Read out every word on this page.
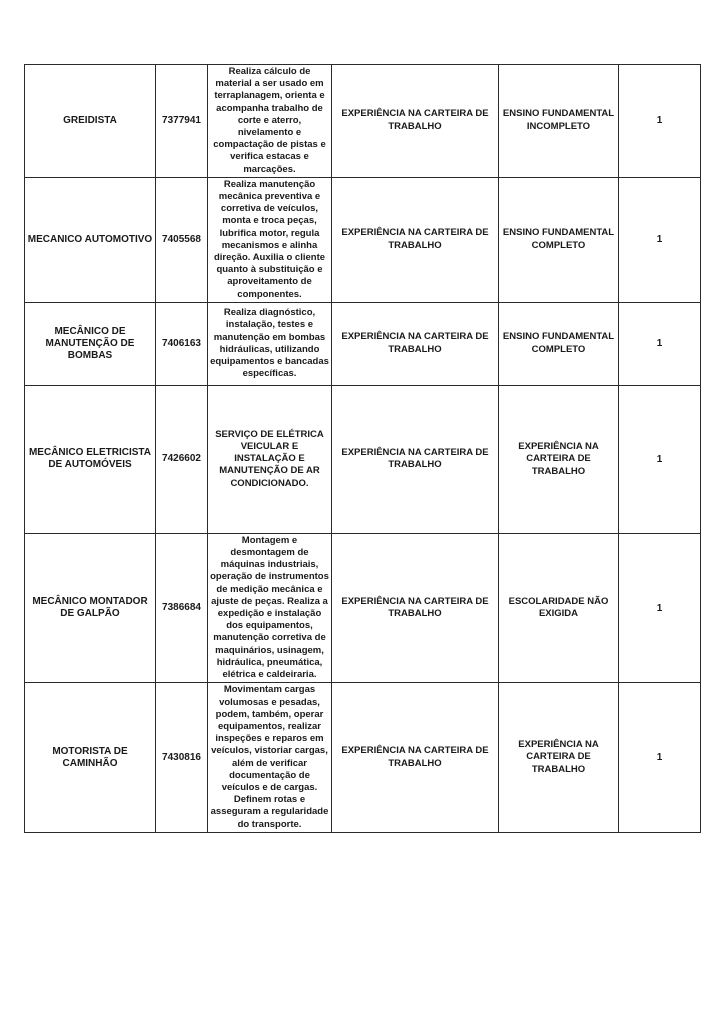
GREIDISTA	7377941	Realiza cálculo de material a ser usado em terraplanagem, orienta e acompanha trabalho de corte e aterro, nivelamento e compactação de pistas e verifica estacas e marcações.	EXPERIÊNCIA NA CARTEIRA DE TRABALHO	ENSINO FUNDAMENTAL INCOMPLETO	1
MECANICO AUTOMOTIVO	7405568	Realiza manutenção mecânica preventiva e corretiva de veículos, monta e troca peças, lubrifica motor, regula mecanismos e alinha direção. Auxilia o cliente quanto à substituição e aproveitamento de componentes.	EXPERIÊNCIA NA CARTEIRA DE TRABALHO	ENSINO FUNDAMENTAL COMPLETO	1
MECÂNICO DE MANUTENÇÃO DE BOMBAS	7406163	Realiza diagnóstico, instalação, testes e manutenção em bombas hidráulicas, utilizando equipamentos e bancadas específicas.	EXPERIÊNCIA NA CARTEIRA DE TRABALHO	ENSINO FUNDAMENTAL COMPLETO	1
MECÂNICO ELETRICISTA DE AUTOMÓVEIS	7426602	SERVIÇO DE ELÉTRICA VEICULAR E INSTALAÇÃO E MANUTENÇÃO DE AR CONDICIONADO.	EXPERIÊNCIA NA CARTEIRA DE TRABALHO	EXPERIÊNCIA NA CARTEIRA DE TRABALHO	1
MECÂNICO MONTADOR DE GALPÃO	7386684	Montagem e desmontagem de máquinas industriais, operação de instrumentos de medição mecânica e ajuste de peças. Realiza a expedição e instalação dos equipamentos, manutenção corretiva de maquinários, usinagem, hidráulica, pneumática, elétrica e caldeiraria.	EXPERIÊNCIA NA CARTEIRA DE TRABALHO	ESCOLARIDADE NÃO EXIGIDA	1
MOTORISTA DE CAMINHÃO	7430816	Movimentam cargas volumosas e pesadas, podem, também, operar equipamentos, realizar inspeções e reparos em veículos, vistoriar cargas, além de verificar documentação de veículos e de cargas. Definem rotas e asseguram a regularidade do transporte.	EXPERIÊNCIA NA CARTEIRA DE TRABALHO	EXPERIÊNCIA NA CARTEIRA DE TRABALHO	1
